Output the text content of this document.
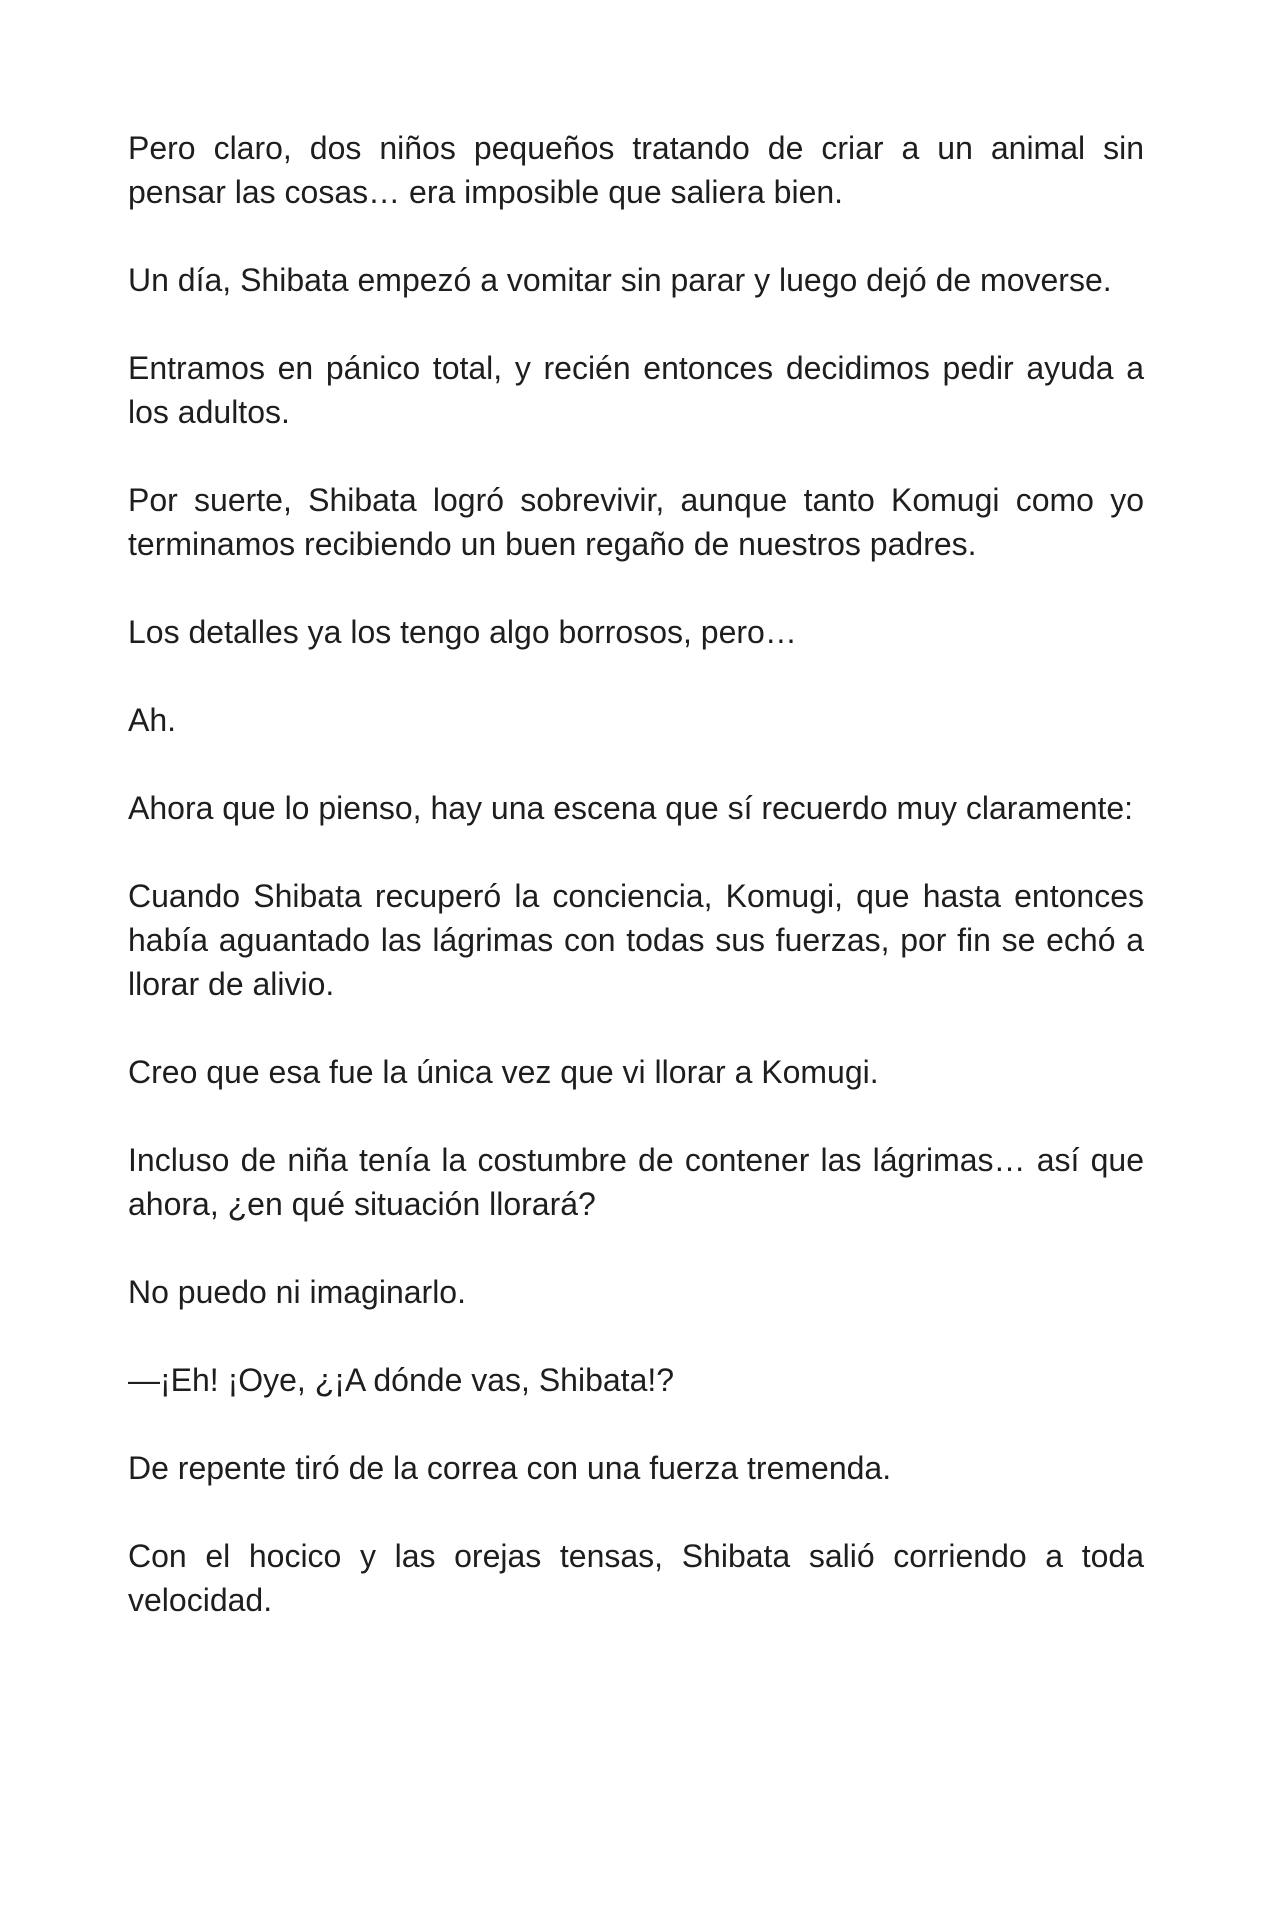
Pero claro, dos niños pequeños tratando de criar a un animal sin pensar las cosas… era imposible que saliera bien.

Un día, Shibata empezó a vomitar sin parar y luego dejó de moverse.

Entramos en pánico total, y recién entonces decidimos pedir ayuda a los adultos.

Por suerte, Shibata logró sobrevivir, aunque tanto Komugi como yo terminamos recibiendo un buen regaño de nuestros padres.

Los detalles ya los tengo algo borrosos, pero…

Ah.

Ahora que lo pienso, hay una escena que sí recuerdo muy claramente:

Cuando Shibata recuperó la conciencia, Komugi, que hasta entonces había aguantado las lágrimas con todas sus fuerzas, por fin se echó a llorar de alivio.

Creo que esa fue la única vez que vi llorar a Komugi.

Incluso de niña tenía la costumbre de contener las lágrimas… así que ahora, ¿en qué situación llorará?

No puedo ni imaginarlo.

—¡Eh! ¡Oye, ¿¡A dónde vas, Shibata!?

De repente tiró de la correa con una fuerza tremenda.

Con el hocico y las orejas tensas, Shibata salió corriendo a toda velocidad.
